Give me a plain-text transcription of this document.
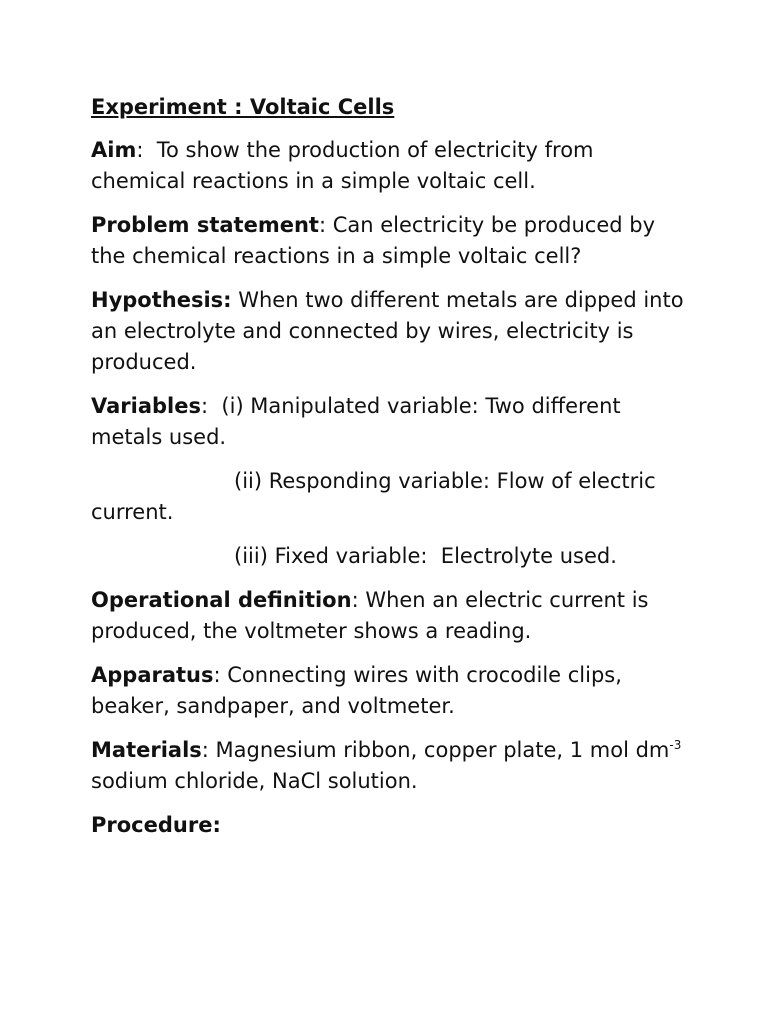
Experiment : Voltaic Cells
Aim:  To show the production of electricity from chemical reactions in a simple voltaic cell.
Problem statement: Can electricity be produced by the chemical reactions in a simple voltaic cell?
Hypothesis: When two different metals are dipped into an electrolyte and connected by wires, electricity is produced.
Variables:  (i) Manipulated variable: Two different metals used.
(ii) Responding variable: Flow of electric current.
(iii) Fixed variable:  Electrolyte used.
Operational definition: When an electric current is produced, the voltmeter shows a reading.
Apparatus: Connecting wires with crocodile clips, beaker, sandpaper, and voltmeter.
Materials: Magnesium ribbon, copper plate, 1 mol $dm^{-3}$ sodium chloride, NaCl solution.
Procedure:
